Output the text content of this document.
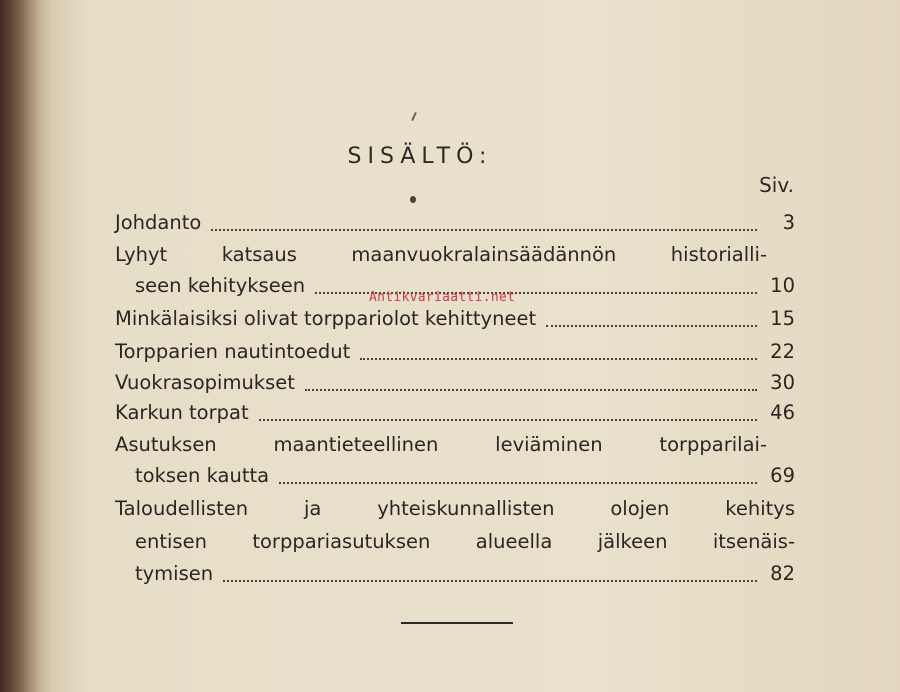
SISÄLTÖ:
Siv.
Johdanto	3
Lyhyt katsaus maanvuokralainsäädännön historialli-
seen kehitykseen	10
Minkälaisiksi olivat torppariolot kehittyneet	15
Torpparien nautintoedut	22
Vuokrasopimukset	30
Karkun torpat	46
Asutuksen maantieteellinen leviäminen torpparilai-
toksen kautta	69
Taloudellisten ja yhteiskunnallisten olojen kehitys
entisen torppariasutuksen alueella jälkeen itsenäis-
tymisen	82
Antikvariaatti.net
